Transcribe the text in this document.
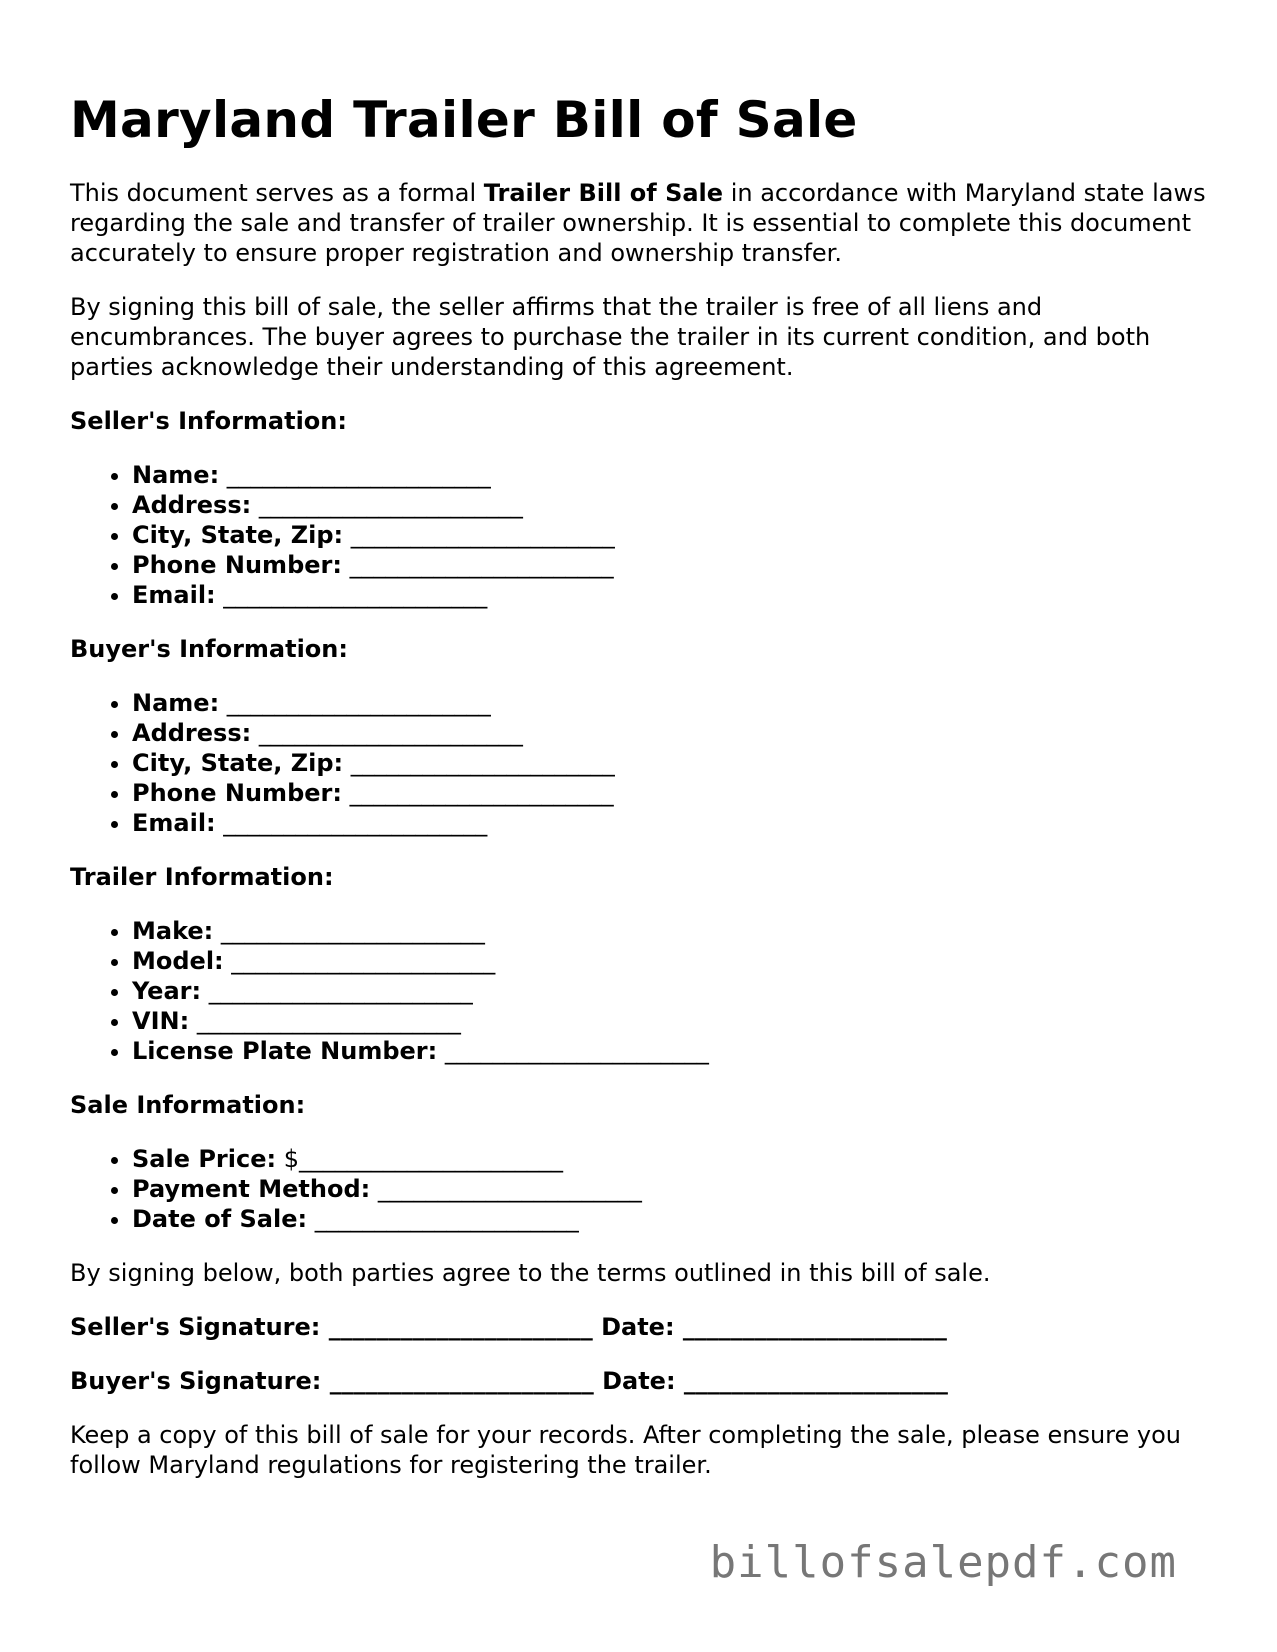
Maryland Trailer Bill of Sale

This document serves as a formal Trailer Bill of Sale in accordance with Maryland state laws regarding the sale and transfer of trailer ownership. It is essential to complete this document accurately to ensure proper registration and ownership transfer.

By signing this bill of sale, the seller affirms that the trailer is free of all liens and encumbrances. The buyer agrees to purchase the trailer in its current condition, and both parties acknowledge their understanding of this agreement.

Seller's Information:
• Name: ______________________
• Address: ______________________
• City, State, Zip: ______________________
• Phone Number: ______________________
• Email: ______________________
Buyer's Information:
• Name: ______________________
• Address: ______________________
• City, State, Zip: ______________________
• Phone Number: ______________________
• Email: ______________________
Trailer Information:
• Make: ______________________
• Model: ______________________
• Year: ______________________
• VIN: ______________________
• License Plate Number: ______________________
Sale Information:
• Sale Price: $______________________
• Payment Method: ______________________
• Date of Sale: ______________________

By signing below, both parties agree to the terms outlined in this bill of sale.

Seller's Signature: ______________________ Date: ______________________
Buyer's Signature: ______________________ Date: ______________________

Keep a copy of this bill of sale for your records. After completing the sale, please ensure you follow Maryland regulations for registering the trailer.

billofsalepdf.com
